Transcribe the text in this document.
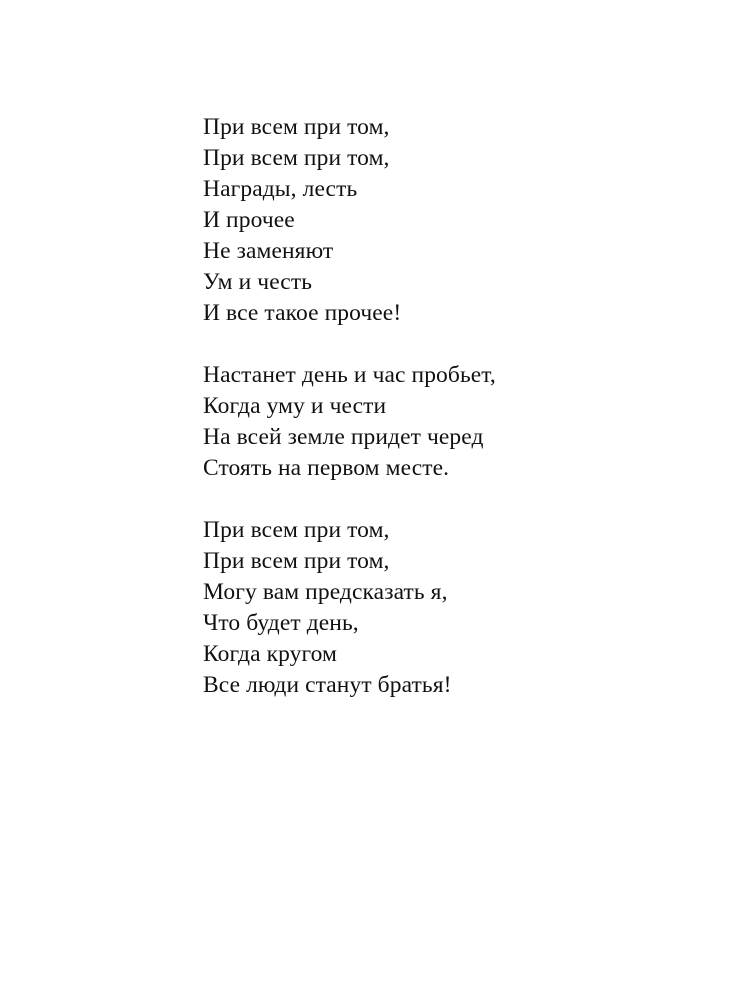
При всем при том,
При всем при том,
Награды, лесть
И прочее
Не заменяют
Ум и честь
И все такое прочее!
Настанет день и час пробьет,
Когда уму и чести
На всей земле придет черед
Стоять на первом месте.
При всем при том,
При всем при том,
Могу вам предсказать я,
Что будет день,
Когда кругом
Все люди станут братья!
